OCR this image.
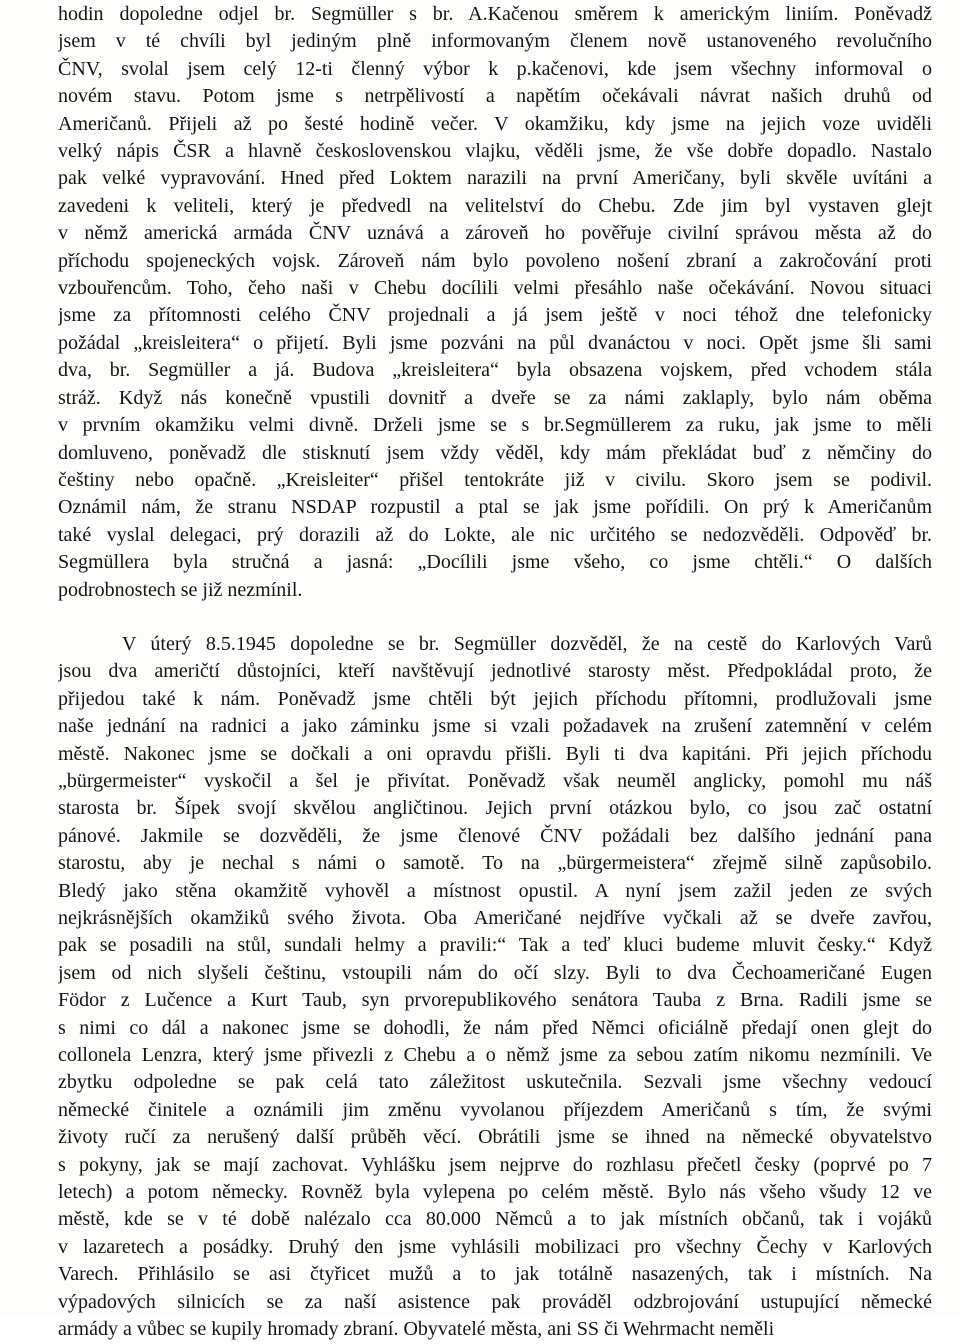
hodin dopoledne odjel br. Segmüller s br. A.Kačenou směrem k americkým liniím. Poněvadž
jsem v té chvíli byl jediným plně informovaným členem nově ustanoveného revolučního
ČNV, svolal jsem celý 12-ti členný výbor k p.kačenovi, kde jsem všechny informoval o
novém stavu. Potom jsme s netrpělivostí a napětím očekávali návrat našich druhů od
Američanů. Přijeli až po šesté hodině večer. V okamžiku, kdy jsme na jejich voze uviděli
velký nápis ČSR a hlavně československou vlajku, věděli jsme, že vše dobře dopadlo. Nastalo
pak velké vypravování. Hned před Loktem narazili na první Američany, byli skvěle uvítáni a
zavedeni k veliteli, který je předvedl na velitelství do Chebu. Zde jim byl vystaven glejt
v němž americká armáda ČNV uznává a zároveň ho pověřuje civilní správou města až do
příchodu spojeneckých vojsk. Zároveň nám bylo povoleno nošení zbraní a zakročování proti
vzbouřencům. Toho, čeho naši v Chebu docílili velmi přesáhlo naše očekávání. Novou situaci
jsme za přítomnosti celého ČNV projednali a já jsem ještě v noci téhož dne telefonicky
požádal „kreisleitera“ o přijetí. Byli jsme pozváni na půl dvanáctou v noci. Opět jsme šli sami
dva, br. Segmüller a já. Budova „kreisleitera“ byla obsazena vojskem, před vchodem stála
stráž. Když nás konečně vpustili dovnitř a dveře se za námi zaklaply, bylo nám oběma
v prvním okamžiku velmi divně. Drželi jsme se s br.Segmüllerem za ruku, jak jsme to měli
domluveno, poněvadž dle stisknutí jsem vždy věděl, kdy mám překládat buď z němčiny do
češtiny nebo opačně. „Kreisleiter“ přišel tentokráte již v civilu. Skoro jsem se podivil.
Oznámil nám, že stranu NSDAP rozpustil a ptal se jak jsme pořídili. On prý k Američanům
také vyslal delegaci, prý dorazili až do Lokte, ale nic určitého se nedozvěděli. Odpověď br.
Segmüllera byla stručná a jasná: „Docílili jsme všeho, co jsme chtěli.“ O dalších
podrobnostech se již nezmínil.
V úterý 8.5.1945 dopoledne se br. Segmüller dozvěděl, že na cestě do Karlových Varů
jsou dva američtí důstojníci, kteří navštěvují jednotlivé starosty měst. Předpokládal proto, že
přijedou také k nám. Poněvadž jsme chtěli být jejich příchodu přítomni, prodlužovali jsme
naše jednání na radnici a jako záminku jsme si vzali požadavek na zrušení zatemnění v celém
městě. Nakonec jsme se dočkali a oni opravdu přišli. Byli ti dva kapitáni. Při jejich příchodu
„bürgermeister“ vyskočil a šel je přivítat. Poněvadž však neuměl anglicky, pomohl mu náš
starosta br. Šípek svojí skvělou angličtinou. Jejich první otázkou bylo, co jsou zač ostatní
pánové. Jakmile se dozvěděli, že jsme členové ČNV požádali bez dalšího jednání pana
starostu, aby je nechal s námi o samotě. To na „bürgermeistera“ zřejmě silně zapůsobilo.
Bledý jako stěna okamžitě vyhověl a místnost opustil. A nyní jsem zažil jeden ze svých
nejkrásnějších okamžiků svého života. Oba Američané nejdříve vyčkali až se dveře zavřou,
pak se posadili na stůl, sundali helmy a pravili:“ Tak a teď kluci budeme mluvit česky.“ Když
jsem od nich slyšeli češtinu, vstoupili nám do očí slzy. Byli to dva Čechoameričané Eugen
Födor z Lučence a Kurt Taub, syn prvorepublikového senátora Tauba z Brna. Radili jsme se
s nimi co dál a nakonec jsme se dohodli, že nám před Němci oficiálně předají onen glejt do
collonela Lenzra, který jsme přivezli z Chebu a o němž jsme za sebou zatím nikomu nezmínili. Ve
zbytku odpoledne se pak celá tato záležitost uskutečnila. Sezvali jsme všechny vedoucí
německé činitele a oznámili jim změnu vyvolanou příjezdem Američanů s tím, že svými
životy ručí za nerušený další průběh věcí. Obrátili jsme se ihned na německé obyvatelstvo
s pokyny, jak se mají zachovat. Vyhlášku jsem nejprve do rozhlasu přečetl česky (poprvé po 7
letech) a potom německy. Rovněž byla vylepena po celém městě. Bylo nás všeho všudy 12 ve
městě, kde se v té době nalézalo cca 80.000 Němců a to jak místních občanů, tak i vojáků
v lazaretech a posádky. Druhý den jsme vyhlásili mobilizaci pro všechny Čechy v Karlových
Varech. Přihlásilo se asi čtyřicet mužů a to jak totálně nasazených, tak i místních. Na
výpadových silnicích se za naší asistence pak prováděl odzbrojování ustupující německé
armády a vůbec se kupily hromady zbraní. Obyvatelé města, ani SS či Wehrmacht neměli
